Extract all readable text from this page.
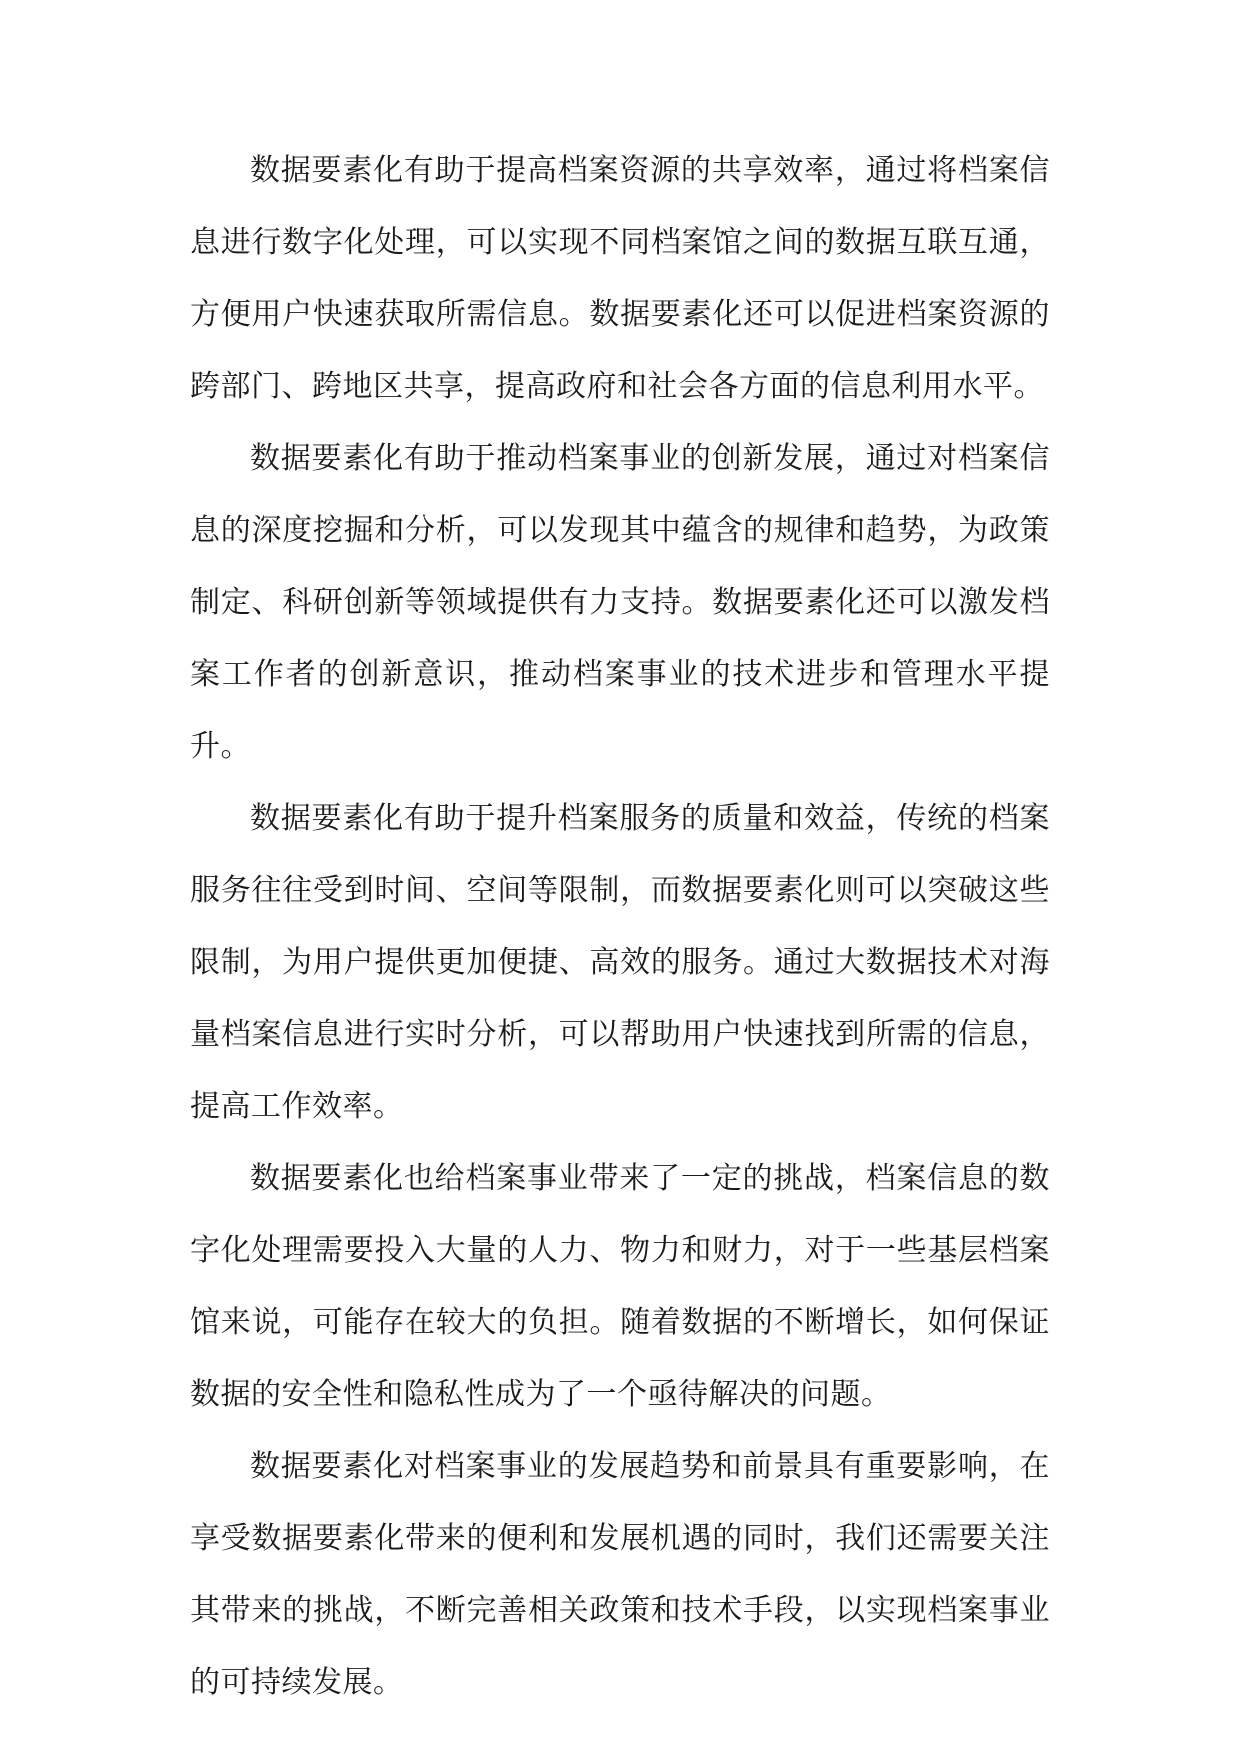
数据要素化有助于提高档案资源的共享效率，通过将档案信息进行数字化处理，可以实现不同档案馆之间的数据互联互通，方便用户快速获取所需信息。数据要素化还可以促进档案资源的跨部门、跨地区共享，提高政府和社会各方面的信息利用水平。

数据要素化有助于推动档案事业的创新发展，通过对档案信息的深度挖掘和分析，可以发现其中蕴含的规律和趋势，为政策制定、科研创新等领域提供有力支持。数据要素化还可以激发档案工作者的创新意识，推动档案事业的技术进步和管理水平提升。

数据要素化有助于提升档案服务的质量和效益，传统的档案服务往往受到时间、空间等限制，而数据要素化则可以突破这些限制，为用户提供更加便捷、高效的服务。通过大数据技术对海量档案信息进行实时分析，可以帮助用户快速找到所需的信息，提高工作效率。

数据要素化也给档案事业带来了一定的挑战，档案信息的数字化处理需要投入大量的人力、物力和财力，对于一些基层档案馆来说，可能存在较大的负担。随着数据的不断增长，如何保证数据的安全性和隐私性成为了一个亟待解决的问题。

数据要素化对档案事业的发展趋势和前景具有重要影响，在享受数据要素化带来的便利和发展机遇的同时，我们还需要关注其带来的挑战，不断完善相关政策和技术手段，以实现档案事业的可持续发展。
